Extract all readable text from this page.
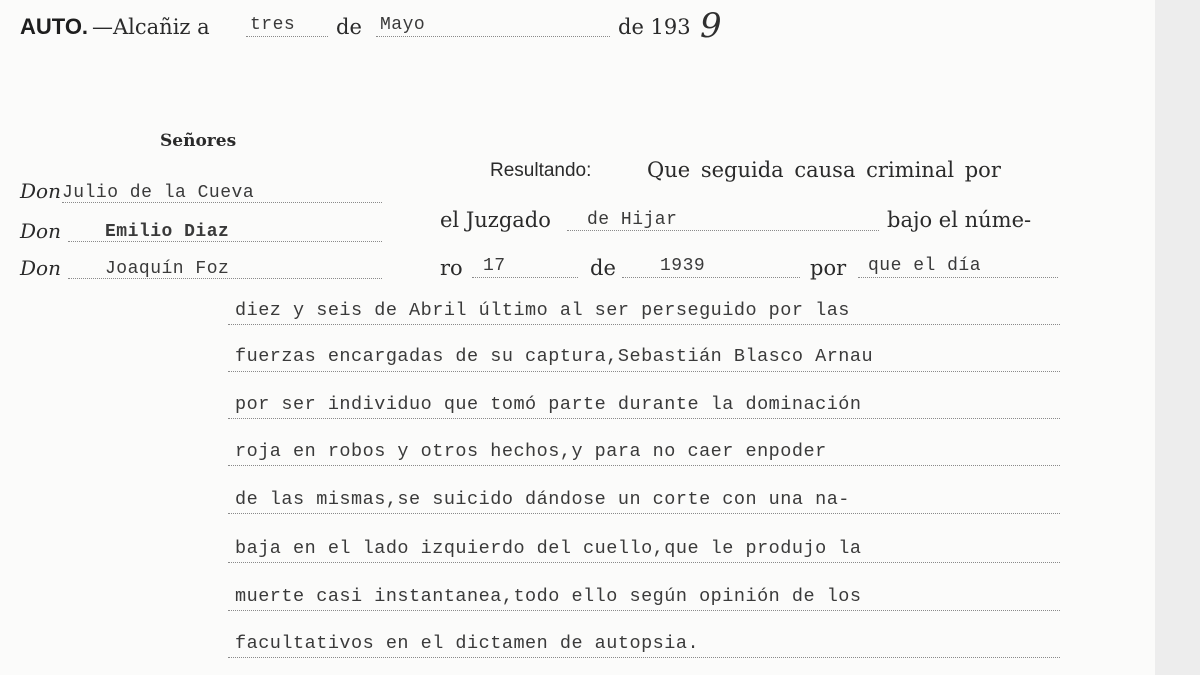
AUTO. —Alcañiz a tres de Mayo	de 193 9
Señores
Don Julio de la Cueva
Don Emilio Diaz
Don Joaquín Foz
Resultando:	Que seguida causa criminal por
el Juzgado de Hijar	bajo el núme-
ro 17	de 1939	por que el día
diez y seis de Abril último al ser perseguido por las
fuerzas encargadas de su captura,Sebastián Blasco Arnau
por ser individuo que tomó parte durante la dominación
roja en robos y otros hechos,y para no caer enpoder
de las mismas,se suicido dándose un corte con una na-
baja en el lado izquierdo del cuello,que le produjo la
muerte casi instantanea,todo ello según opinión de los
facultativos en el dictamen de autopsia.
